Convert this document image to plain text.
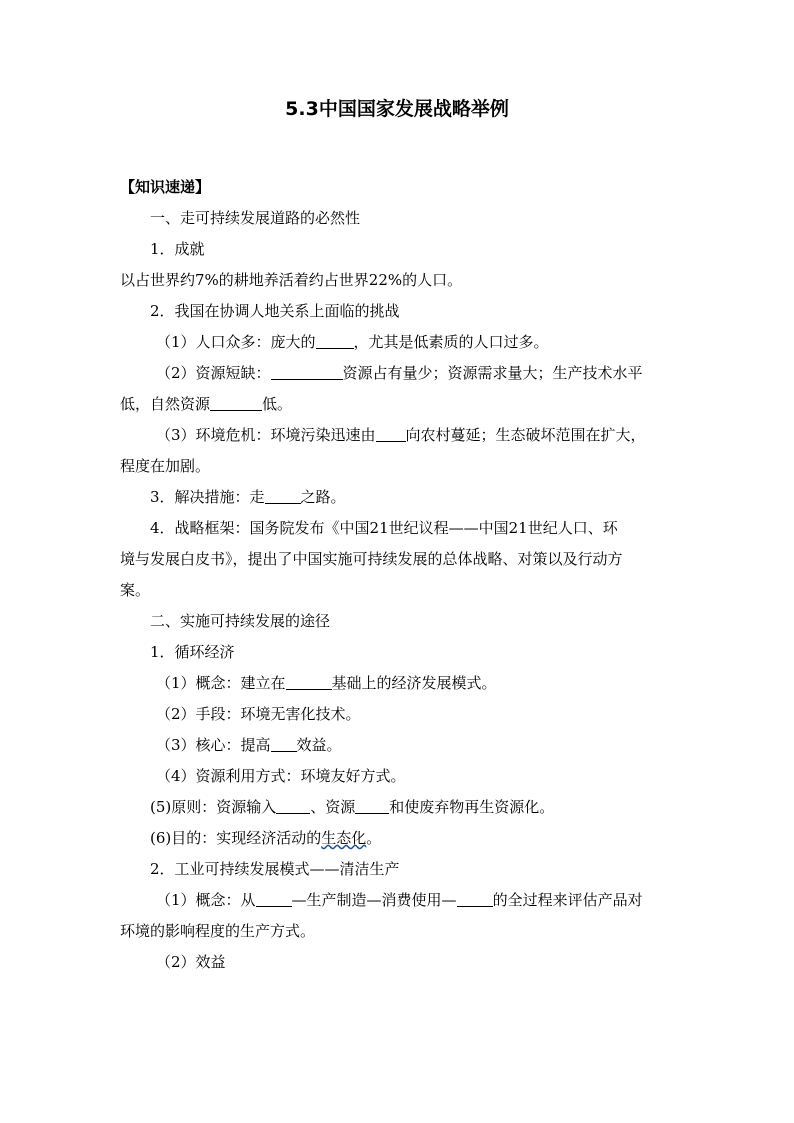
5.3中国国家发展战略举例
【知识速递】
一、走可持续发展道路的必然性
1．成就
以占世界约7%的耕地养活着约占世界22%的人口。
2．我国在协调人地关系上面临的挑战
（1）人口众多：庞大的	，尤其是低素质的人口过多。
（2）资源短缺：	资源占有量少；资源需求量大；生产技术水平
低，自然资源	低。
（3）环境危机：环境污染迅速由 向农村蔓延；生态破坏范围在扩大，
程度在加剧。
3．解决措施：走 之路。
4．战略框架：国务院发布《中国21世纪议程——中国21世纪人口、环
境与发展白皮书》，提出了中国实施可持续发展的总体战略、对策以及行动方
案。
二、实施可持续发展的途径
1．循环经济
（1）概念：建立在	基础上的经济发展模式。
（2）手段：环境无害化技术。
（3）核心：提高 效益。
（4）资源利用方式：环境友好方式。
(5)原则：资源输入 、资源 和使废弃物再生资源化。
(6)目的：实现经济活动的生态化。
2．工业可持续发展模式——清洁生产
（1）概念：从 —生产制造—消费使用— 的全过程来评估产品对
环境的影响程度的生产方式。
（2）效益
